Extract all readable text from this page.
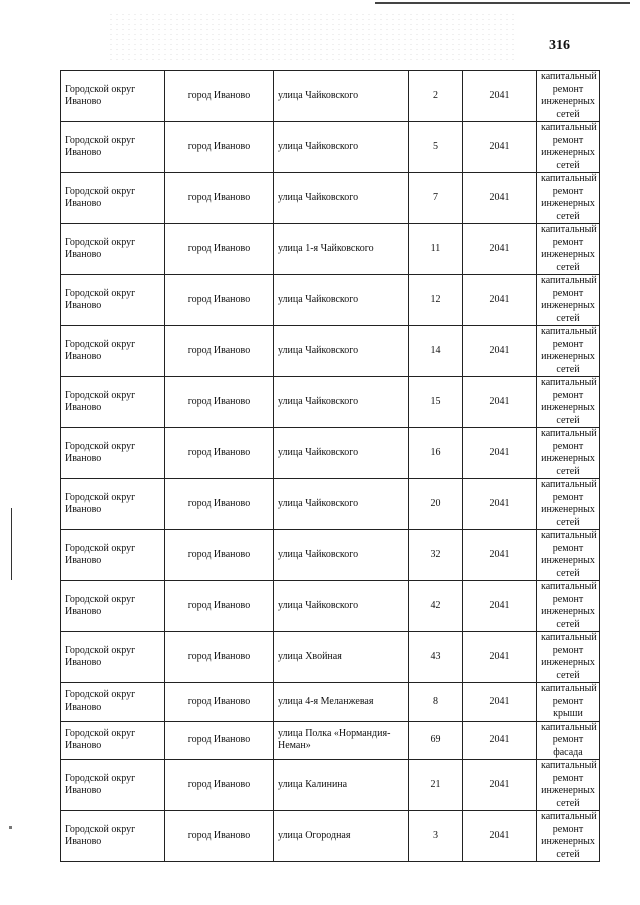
316
Городской округ Иваново	город Иваново	улица Чайковского	2	2041	капитальный ремонт инженерных сетей
Городской округ Иваново	город Иваново	улица Чайковского	5	2041	капитальный ремонт инженерных сетей
Городской округ Иваново	город Иваново	улица Чайковского	7	2041	капитальный ремонт инженерных сетей
Городской округ Иваново	город Иваново	улица 1-я Чайковского	11	2041	капитальный ремонт инженерных сетей
Городской округ Иваново	город Иваново	улица Чайковского	12	2041	капитальный ремонт инженерных сетей
Городской округ Иваново	город Иваново	улица Чайковского	14	2041	капитальный ремонт инженерных сетей
Городской округ Иваново	город Иваново	улица Чайковского	15	2041	капитальный ремонт инженерных сетей
Городской округ Иваново	город Иваново	улица Чайковского	16	2041	капитальный ремонт инженерных сетей
Городской округ Иваново	город Иваново	улица Чайковского	20	2041	капитальный ремонт инженерных сетей
Городской округ Иваново	город Иваново	улица Чайковского	32	2041	капитальный ремонт инженерных сетей
Городской округ Иваново	город Иваново	улица Чайковского	42	2041	капитальный ремонт инженерных сетей
Городской округ Иваново	город Иваново	улица Хвойная	43	2041	капитальный ремонт инженерных сетей
Городской округ Иваново	город Иваново	улица 4-я Меланжевая	8	2041	капитальный ремонт крыши
Городской округ Иваново	город Иваново	улица Полка «Нормандия-Неман»	69	2041	капитальный ремонт фасада
Городской округ Иваново	город Иваново	улица Калинина	21	2041	капитальный ремонт инженерных сетей
Городской округ Иваново	город Иваново	улица Огородная	3	2041	капитальный ремонт инженерных сетей
